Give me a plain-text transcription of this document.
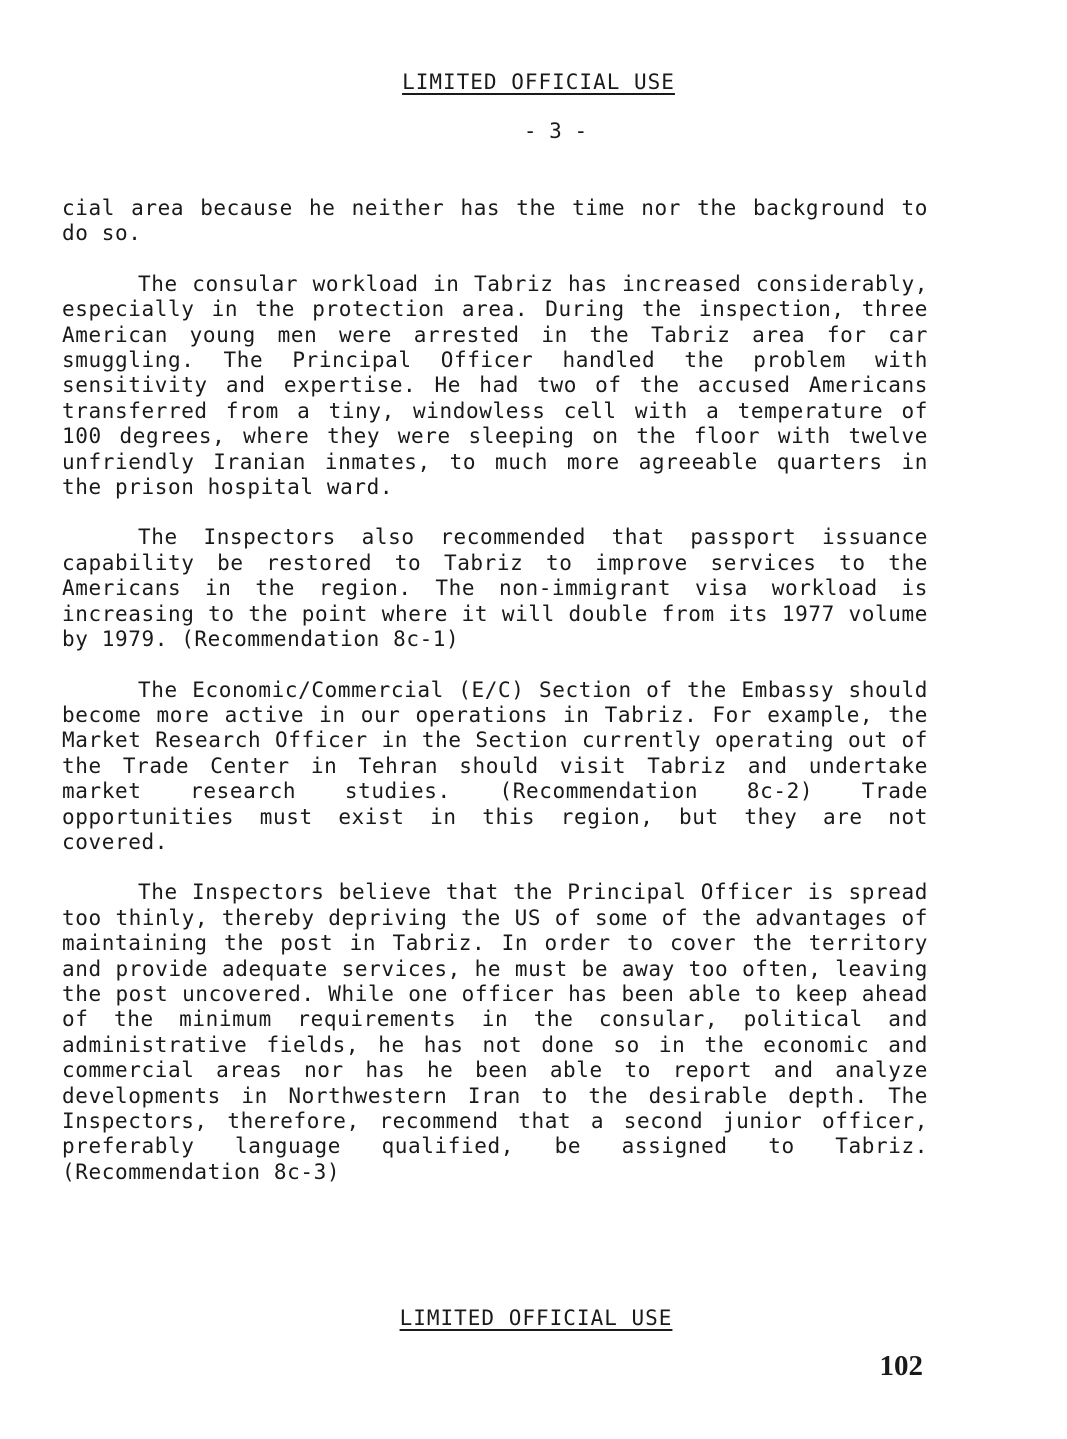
LIMITED OFFICIAL USE
- 3 -

cial area because he neither has the time nor the background to do so.

The consular workload in Tabriz has increased considerably, especially in the protection area. During the inspection, three American young men were arrested in the Tabriz area for car smuggling. The Principal Officer handled the problem with sensitivity and expertise. He had two of the accused Americans transferred from a tiny, windowless cell with a temperature of 100 degrees, where they were sleeping on the floor with twelve unfriendly Iranian inmates, to much more agreeable quarters in the prison hospital ward.

The Inspectors also recommended that passport issuance capability be restored to Tabriz to improve services to the Americans in the region. The non-immigrant visa workload is increasing to the point where it will double from its 1977 volume by 1979. (Recommendation 8c-1)

The Economic/Commercial (E/C) Section of the Embassy should become more active in our operations in Tabriz. For example, the Market Research Officer in the Section currently operating out of the Trade Center in Tehran should visit Tabriz and undertake market research studies. (Recommendation 8c-2) Trade opportunities must exist in this region, but they are not covered.

The Inspectors believe that the Principal Officer is spread too thinly, thereby depriving the US of some of the advantages of maintaining the post in Tabriz. In order to cover the territory and provide adequate services, he must be away too often, leaving the post uncovered. While one officer has been able to keep ahead of the minimum requirements in the consular, political and administrative fields, he has not done so in the economic and commercial areas nor has he been able to report and analyze developments in Northwestern Iran to the desirable depth. The Inspectors, therefore, recommend that a second junior officer, preferably language qualified, be assigned to Tabriz. (Recommendation 8c-3)

LIMITED OFFICIAL USE
102
